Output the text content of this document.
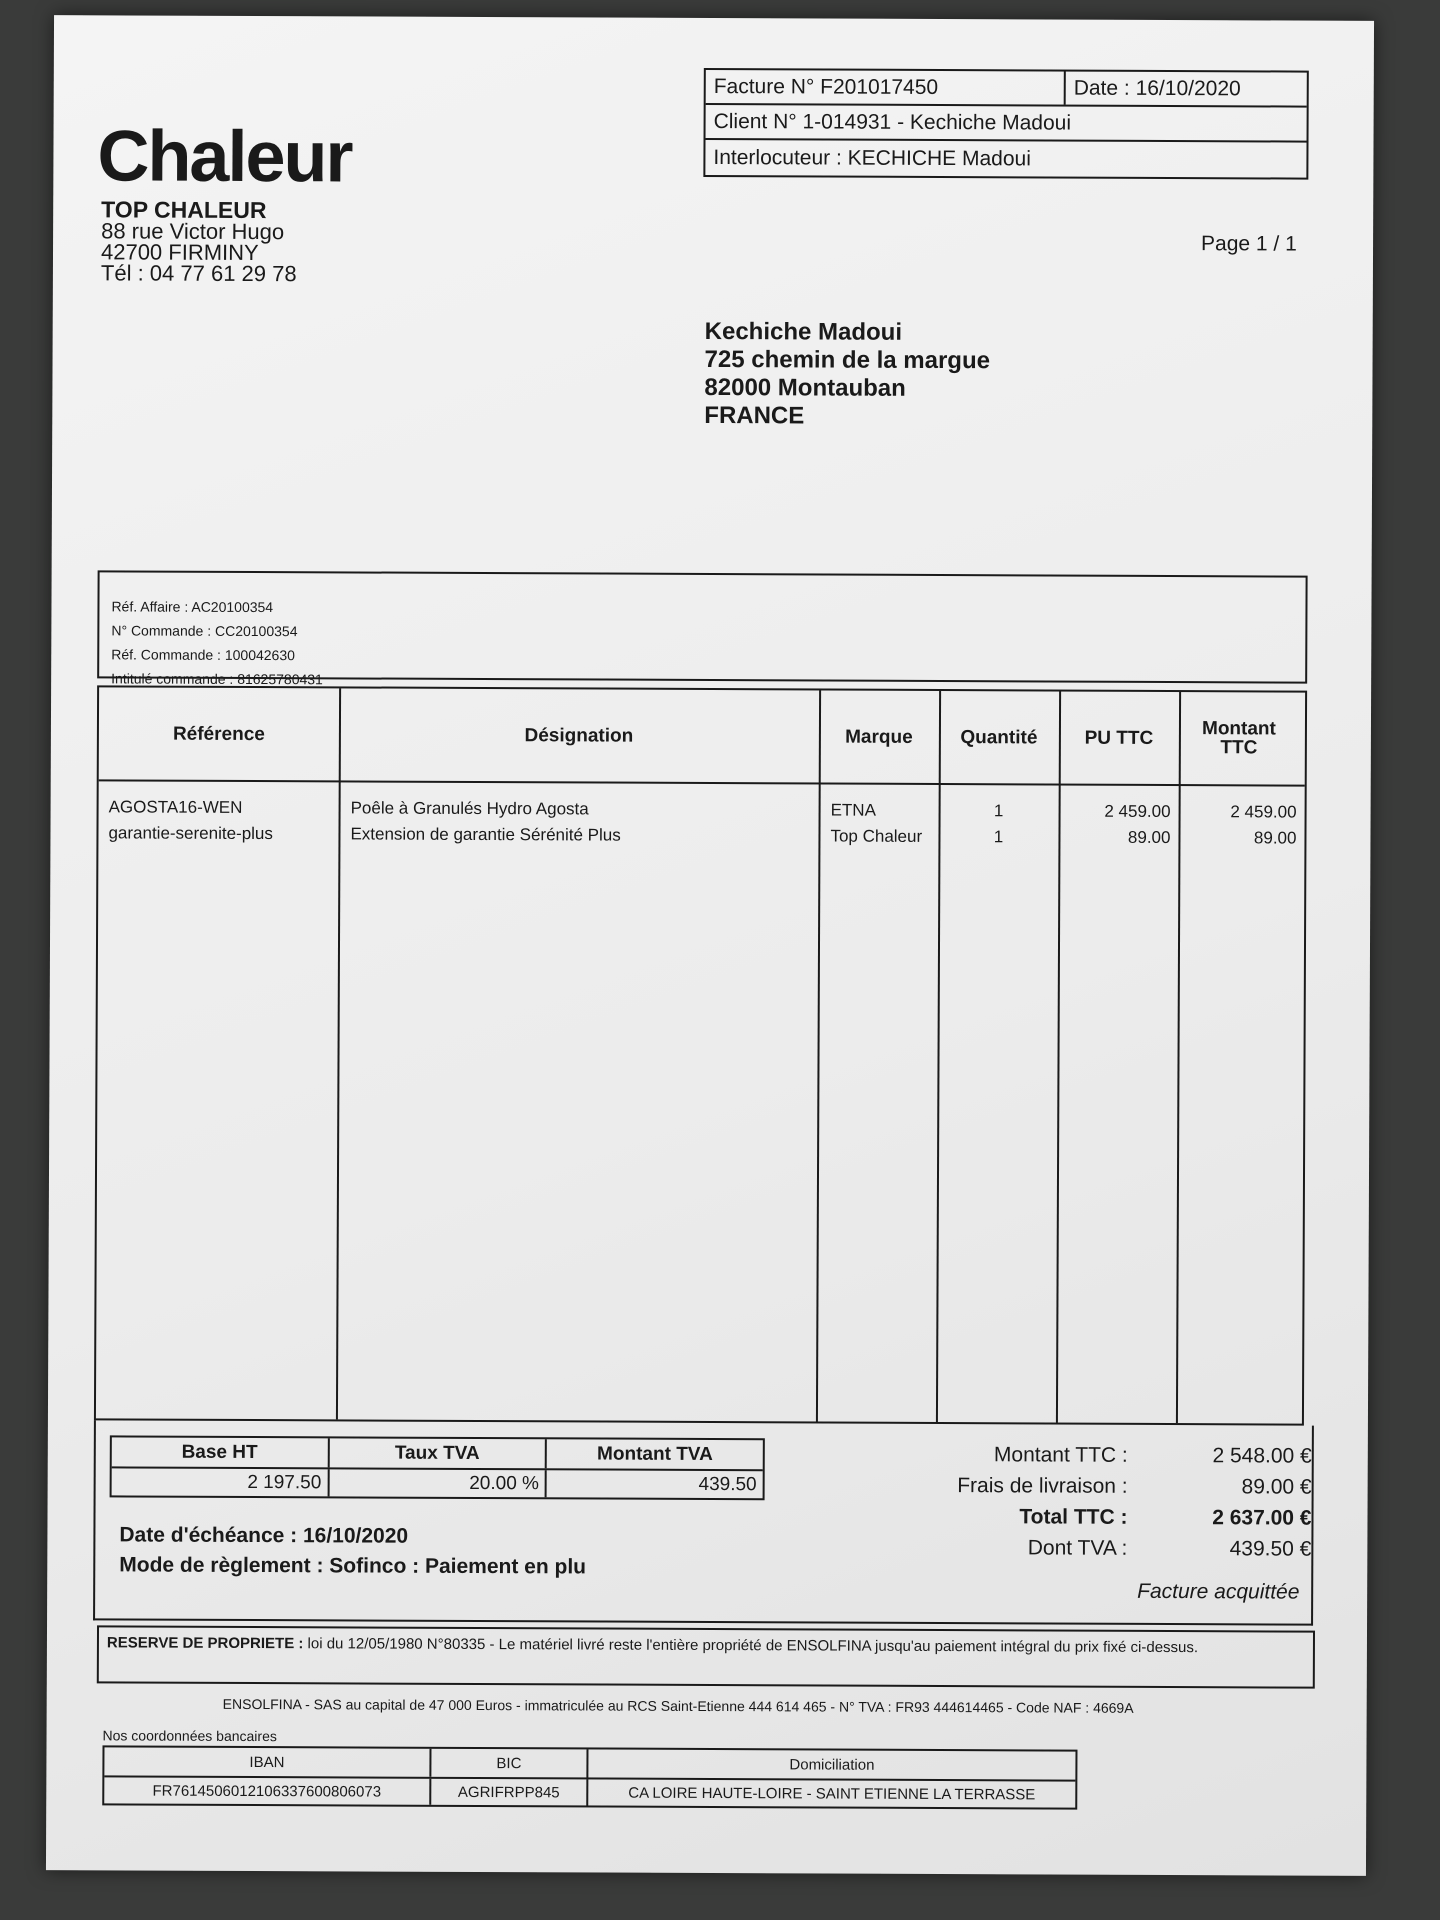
Facture N° F201017450	Date : 16/10/2020
Client N° 1-014931 - Kechiche Madoui
Interlocuteur : KECHICHE Madoui
Chaleur
TOP CHALEUR
88 rue Victor Hugo
42700 FIRMINY
Tél : 04 77 61 29 78
Page 1 / 1
Kechiche Madoui
725 chemin de la margue
82000 Montauban
FRANCE
Réf. Affaire : AC20100354
N° Commande : CC20100354
Réf. Commande : 100042630
Intitulé commande : 81625780431
Référence	Désignation	Marque	Quantité	PU TTC	Montant
TTC
AGOSTA16-WEN	Poêle à Granulés Hydro Agosta	ETNA	1	2 459.00	2 459.00
garantie-serenite-plus	Extension de garantie Sérénité Plus	Top Chaleur	1	89.00	89.00
Base HT	Taux TVA	Montant TVA
2 197.50	20.00 %	439.50
Date d'échéance : 16/10/2020
Mode de règlement : Sofinco : Paiement en plu
Montant TTC :	2 548.00 €
Frais de livraison :	89.00 €
Total TTC :	2 637.00 €
Dont TVA :	439.50 €
Facture acquittée
RESERVE DE PROPRIETE : loi du 12/05/1980 N°80335 - Le matériel livré reste l'entière propriété de ENSOLFINA jusqu'au paiement intégral du prix fixé ci-dessus.
ENSOLFINA - SAS au capital de 47 000 Euros - immatriculée au RCS Saint-Etienne 444 614 465 - N° TVA : FR93 444614465 - Code NAF : 4669A
Nos coordonnées bancaires
IBAN	BIC	Domiciliation
FR7614506012106337600806073	AGRIFRPP845	CA LOIRE HAUTE-LOIRE - SAINT ETIENNE LA TERRASSE
